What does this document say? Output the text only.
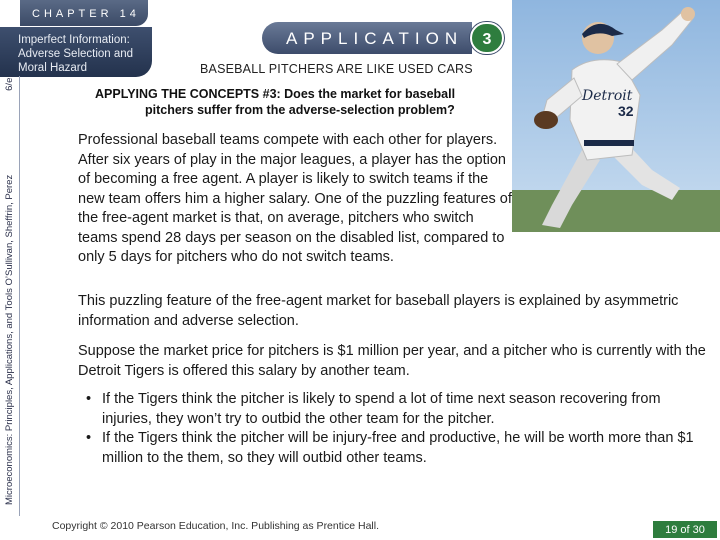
CHAPTER 14
Imperfect Information:
Adverse Selection and
Moral Hazard
Microeconomics: Principles, Applications, and Tools O’Sullivan, Sheffrin, Perez
6/e.
APPLICATION	3
BASEBALL PITCHERS ARE LIKE USED CARS
Detroit
32
APPLYING THE CONCEPTS #3: Does the market for baseball
pitchers suffer from the adverse-selection problem?
Professional baseball teams compete with each other for players. After six years of play in the major leagues, a player has the option of becoming a free agent. A player is likely to switch teams if the new team offers him a higher salary. One of the puzzling features of the free-agent market is that, on average, pitchers who switch teams spend 28 days per season on the disabled list, compared to only 5 days for pitchers who do not switch teams.
This puzzling feature of the free-agent market for baseball players is explained by asymmetric information and adverse selection.
Suppose the market price for pitchers is $1 million per year, and a pitcher who is currently with the Detroit Tigers is offered this salary by another team.
• If the Tigers think the pitcher is likely to spend a lot of time next season recovering from injuries, they won’t try to outbid the other team for the pitcher.
• If the Tigers think the pitcher will be injury-free and productive, he will be worth more than $1 million to the them, so they will outbid other teams.
Copyright © 2010 Pearson Education, Inc. Publishing as Prentice Hall.	19 of 30
